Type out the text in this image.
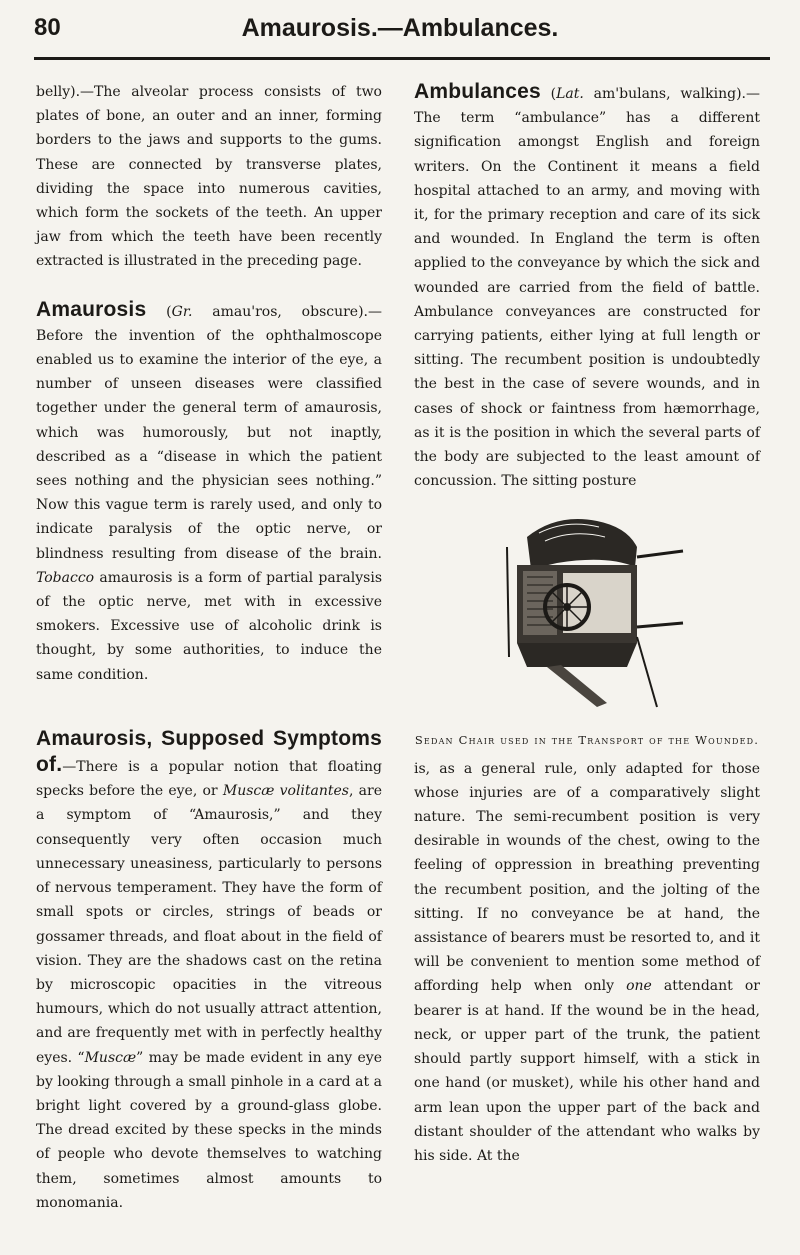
80	Amaurosis.—Ambulances.

belly).—The alveolar process consists of two plates of bone, an outer and an inner, forming borders to the jaws and supports to the gums. These are connected by transverse plates, dividing the space into numerous cavities, which form the sockets of the teeth. An upper jaw from which the teeth have been recently extracted is illustrated in the preceding page.

Amaurosis (Gr. amau'ros, obscure).—Before the invention of the ophthalmoscope enabled us to examine the interior of the eye, a number of unseen diseases were classified together under the general term of amaurosis, which was humorously, but not inaptly, described as a “disease in which the patient sees nothing and the physician sees nothing.” Now this vague term is rarely used, and only to indicate paralysis of the optic nerve, or blindness resulting from disease of the brain. Tobacco amaurosis is a form of partial paralysis of the optic nerve, met with in excessive smokers. Excessive use of alcoholic drink is thought, by some authorities, to induce the same condition.

Amaurosis, Supposed Symptoms of.—There is a popular notion that floating specks before the eye, or Muscæ volitantes, are a symptom of “Amaurosis,” and they consequently very often occasion much unnecessary uneasiness, particularly to persons of nervous temperament. They have the form of small spots or circles, strings of beads or gossamer threads, and float about in the field of vision. They are the shadows cast on the retina by microscopic opacities in the vitreous humours, which do not usually attract attention, and are frequently met with in perfectly healthy eyes. “Muscæ” may be made evident in any eye by looking through a small pinhole in a card at a bright light covered by a ground-glass globe. The dread excited by these specks in the minds of people who devote themselves to watching them, sometimes almost amounts to monomania.

Ambulances (Lat. am'bulans, walking).—The term “ambulance” has a different signification amongst English and foreign writers. On the Continent it means a field hospital attached to an army, and moving with it, for the primary reception and care of its sick and wounded. In England the term is often applied to the conveyance by which the sick and wounded are carried from the field of battle. Ambulance conveyances are constructed for carrying patients, either lying at full length or sitting. The recumbent position is undoubtedly the best in the case of severe wounds, and in cases of shock or faintness from hæmorrhage, as it is the position in which the several parts of the body are subjected to the least amount of concussion. The sitting posture

Sedan Chair used in the Transport of the Wounded.

is, as a general rule, only adapted for those whose injuries are of a comparatively slight nature. The semi-recumbent position is very desirable in wounds of the chest, owing to the feeling of oppression in breathing preventing the recumbent position, and the jolting of the sitting. If no conveyance be at hand, the assistance of bearers must be resorted to, and it will be convenient to mention some method of affording help when only one attendant or bearer is at hand. If the wound be in the head, neck, or upper part of the trunk, the patient should partly support himself, with a stick in one hand (or musket), while his other hand and arm lean upon the upper part of the back and distant shoulder of the attendant who walks by his side. At the
